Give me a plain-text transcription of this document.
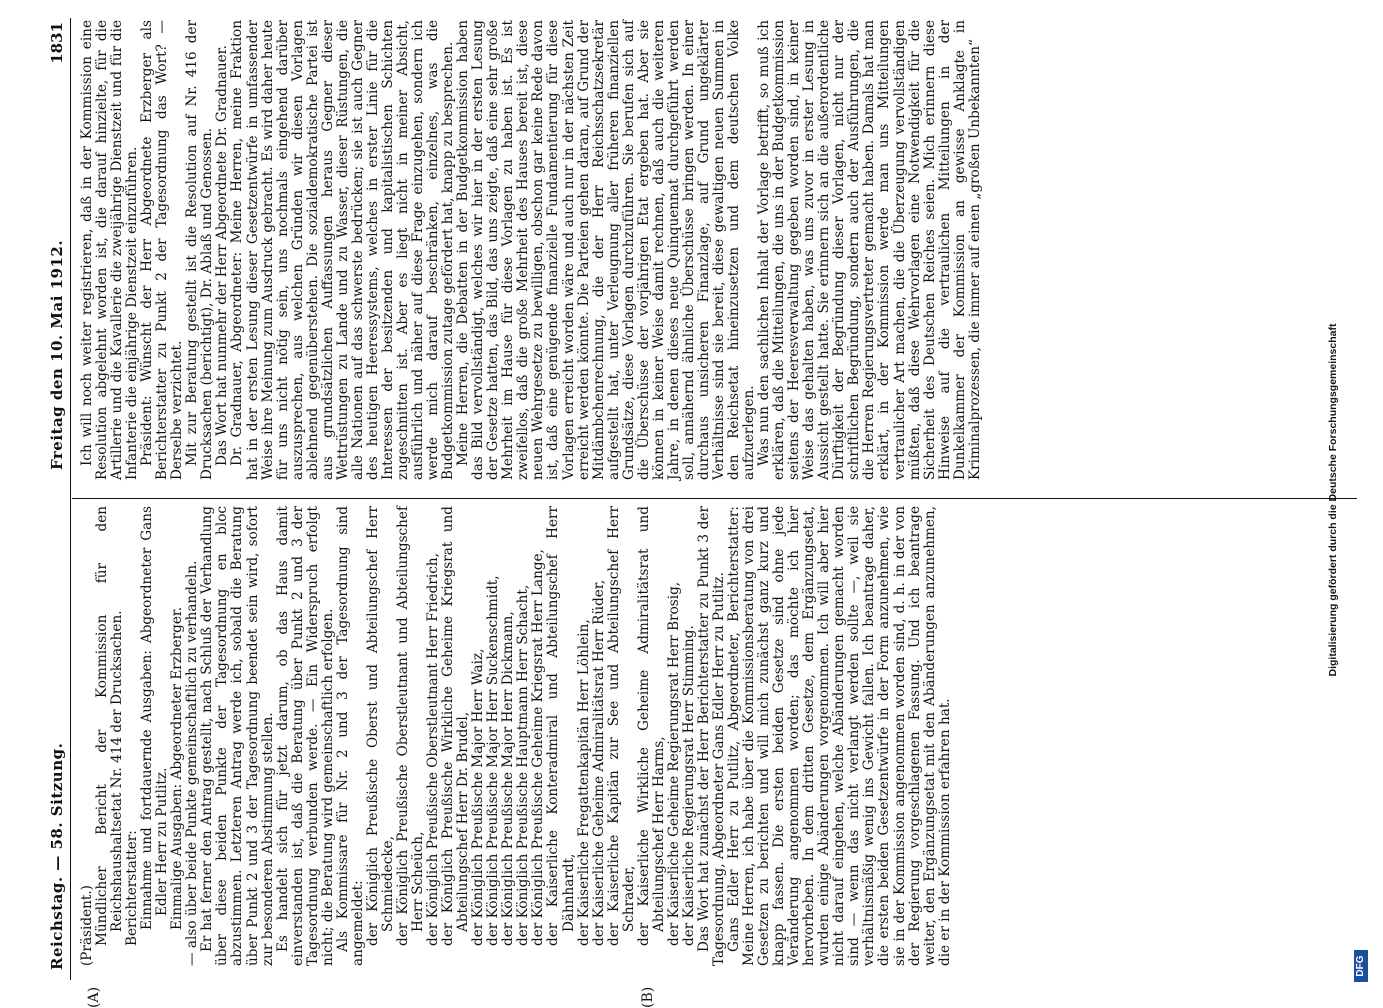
Reichstag. — 58. Sitzung.
Freitag den 10. Mai 1912.
1831
(A)	(B)

(Präsident.) Mündlicher Bericht der Kommission für den Reichshaushaltsetat Nr. 414 der Drucksachen. Berichterstatter: Einnahme und fortdauernde Ausgaben: Abgeordneter Gans Edler Herr zu Putlitz. Einmalige Ausgaben: Abgeordneter Erzberger. — also über beide Punkte gemeinschaftlich zu verhandeln. Er hat ferner den Antrag gestellt, nach Schluß der Verhandlung über diese beiden Punkte der Tagesordnung en bloc abzustimmen. Letzteren Antrag werde ich, sobald die Beratung über Punkt 2 und 3 der Tagesordnung beendet sein wird, sofort zur besonderen Abstimmung stellen. Es handelt sich für jetzt darum, ob das Haus damit einverstanden ist, daß die Beratung über Punkt 2 und 3 der Tagesordnung verbunden werde. — Ein Widerspruch erfolgt nicht; die Beratung wird gemeinschaftlich erfolgen. Als Kommissare für Nr. 2 und 3 der Tagesordnung sind angemeldet: der Königlich Preußische Oberst und Abteilungschef Herr Schmiedecke, der Königlich Preußische Oberstleutnant und Abteilungschef Herr Scheüch, der Königlich Preußische Oberstleutnant Herr Friedrich, der Königlich Preußische Wirkliche Geheime Kriegsrat und Abteilungschef Herr Dr. Brudel, der Königlich Preußische Major Herr Waiz, der Königlich Preußische Major Herr Suckenschmidt, der Königlich Preußische Major Herr Dickmann, der Königlich Preußische Hauptmann Herr Schacht, der Königlich Preußische Geheime Kriegsrat Herr Lange, der Kaiserliche Konteradmiral und Abteilungschef Herr Dähnhardt, der Kaiserliche Fregattenkapitän Herr Löhlein, der Kaiserliche Geheime Admiralitätsrat Herr Rüder, der Kaiserliche Kapitän zur See und Abteilungschef Herr Schrader, der Kaiserliche Wirkliche Geheime Admiralitätsrat und Abteilungschef Herr Harms, der Kaiserliche Geheime Regierungsrat Herr Brosig, der Kaiserliche Regierungsrat Herr Stimming. Das Wort hat zunächst der Herr Berichterstatter zu Punkt 3 der Tagesordnung, Abgeordneter Gans Edler Herr zu Putlitz. Gans Edler Herr zu Putlitz, Abgeordneter, Berichterstatter: Meine Herren, ich habe über die Kommissionsberatung von drei Gesetzen zu berichten und will mich zunächst ganz kurz und knapp fassen. Die ersten beiden Gesetze sind ohne jede Veränderung angenommen worden; das möchte ich hier hervorheben. In dem dritten Gesetze, dem Ergänzungsetat, wurden einige Abänderungen vorgenommen. Ich will aber hier nicht darauf eingehen, welche Abänderungen gemacht worden sind — wenn das nicht verlangt werden sollte —, weil sie verhältnismäßig wenig ins Gewicht fallen. Ich beantrage daher, die ersten beiden Gesetzentwürfe in der Form anzunehmen, wie sie in der Kommission angenommen worden sind, d. h. in der von der Regierung vorgeschlagenen Fassung. Und ich beantrage weiter, den Ergänzungsetat mit den Abänderungen anzunehmen, die er in der Kommission erfahren hat.

Ich will noch weiter registrieren, daß in der Kommission eine Resolution abgelehnt worden ist, die darauf hinzielte, für die Artillerie und die Kavallerie die zweijährige Dienstzeit und für die Infanterie die einjährige Dienstzeit einzuführen. Präsident: Wünscht der Herr Abgeordnete Erzberger als Berichterstatter zu Punkt 2 der Tagesordnung das Wort? — Derselbe verzichtet. Mit zur Beratung gestellt ist die Resolution auf Nr. 416 der Drucksachen (berichtigt), Dr. Ablaß und Genossen. Das Wort hat nunmehr der Herr Abgeordnete Dr. Gradnauer. Dr. Gradnauer, Abgeordneter: Meine Herren, meine Fraktion hat in der ersten Lesung dieser Gesetzentwürfe in umfassender Weise ihre Meinung zum Ausdruck gebracht. Es wird daher heute für uns nicht nötig sein, uns nochmals eingehend darüber auszusprechen, aus welchen Gründen wir diesen Vorlagen ablehnend gegenüberstehen. Die sozialdemokratische Partei ist aus grundsätzlichen Auffassungen heraus Gegner dieser Wettrüstungen zu Lande und zu Wasser, dieser Rüstungen, die alle Nationen auf das schwerste bedrücken; sie ist auch Gegner des heutigen Heeressystems, welches in erster Linie für die Interessen der besitzenden und kapitalistischen Schichten zugeschnitten ist. Aber es liegt nicht in meiner Absicht, ausführlich und näher auf diese Frage einzugehen, sondern ich werde mich darauf beschränken, einzelnes, was die Budgetkommission zutage gefördert hat, knapp zu besprechen. Meine Herren, die Debatten in der Budgetkommission haben das Bild vervollständigt, welches wir hier in der ersten Lesung der Gesetze hatten, das Bild, das uns zeigte, daß eine sehr große Mehrheit im Hause für diese Vorlagen zu haben ist. Es ist zweifellos, daß die große Mehrheit des Hauses bereit ist, diese neuen Wehrgesetze zu bewilligen, obschon gar keine Rede davon ist, daß eine genügende finanzielle Fundamentierung für diese Vorlagen erreicht worden wäre und auch nur in der nächsten Zeit erreicht werden könnte. Die Parteien gehen daran, auf Grund der Mitdämbchenrechnung, die der Herr Reichsschatzsekretär aufgestellt hat, unter Verleugnung aller früheren finanziellen Grundsätze, diese Vorlagen durchzuführen. Sie berufen sich auf die Überschüsse der vorjährigen Etat ergeben hat. Aber sie können in keiner Weise damit rechnen, daß auch die weiteren Jahre, in denen dieses neue Quinquennat durchgeführt werden soll, annähernd ähnliche Überschüsse bringen werden. In einer durchaus unsicheren Finanzlage, auf Grund ungeklärter Verhältnisse sind sie bereit, diese gewaltigen neuen Summen in den Reichsetat hineinzusetzen und dem deutschen Volke aufzuerlegen. Was nun den sachlichen Inhalt der Vorlage betrifft, so muß ich erklären, daß die Mitteilungen, die uns in der Budgetkommission seitens der Heeresverwaltung gegeben worden sind, in keiner Weise das gehalten haben, was uns zuvor in erster Lesung in Aussicht gestellt hatte. Sie erinnern sich an die außerordentliche Dürftigkeit der Begründung dieser Vorlagen, nicht nur der schriftlichen Begründung, sondern auch der Ausführungen, die die Herren Regierungsvertreter gemacht haben. Damals hat man erklärt, in der Kommission werde man uns Mitteilungen vertraulicher Art machen, die die Überzeugung vervollständigen müßten, daß diese Wehrvorlagen eine Notwendigkeit für die Sicherheit des Deutschen Reiches seien. Mich erinnern diese Hinweise auf die vertraulichen Mitteilungen in der Dunkelkammer der Kommission an gewisse Anklagte in Kriminalprozessen, die immer auf einen „großen Unbekannten“

Digitalisierung gefördert durch die Deutsche Forschungsgemeinschaft
DFG
